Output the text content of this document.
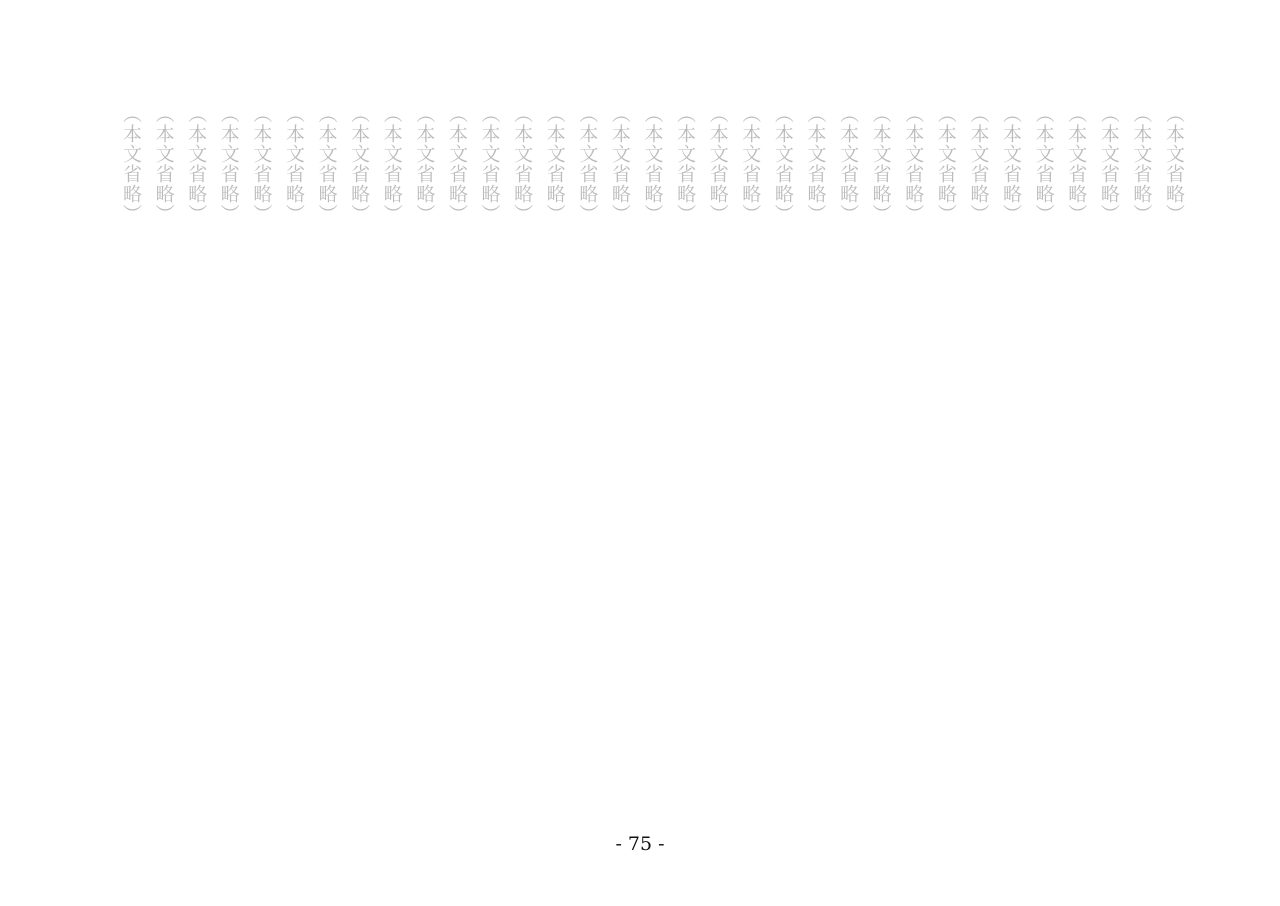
（本文省略）

（本文省略）

（本文省略）

（本文省略）

（本文省略）

（本文省略）

（本文省略）

（本文省略）

（本文省略）

（本文省略）

（本文省略）

（本文省略）

（本文省略）

（本文省略）

（本文省略）

（本文省略）

（本文省略）

（本文省略）

（本文省略）

（本文省略）

（本文省略）

（本文省略）

（本文省略）

（本文省略）

（本文省略）

（本文省略）

（本文省略）

（本文省略）

（本文省略）

（本文省略）

（本文省略）

（本文省略）

（本文省略）

- 75 -
